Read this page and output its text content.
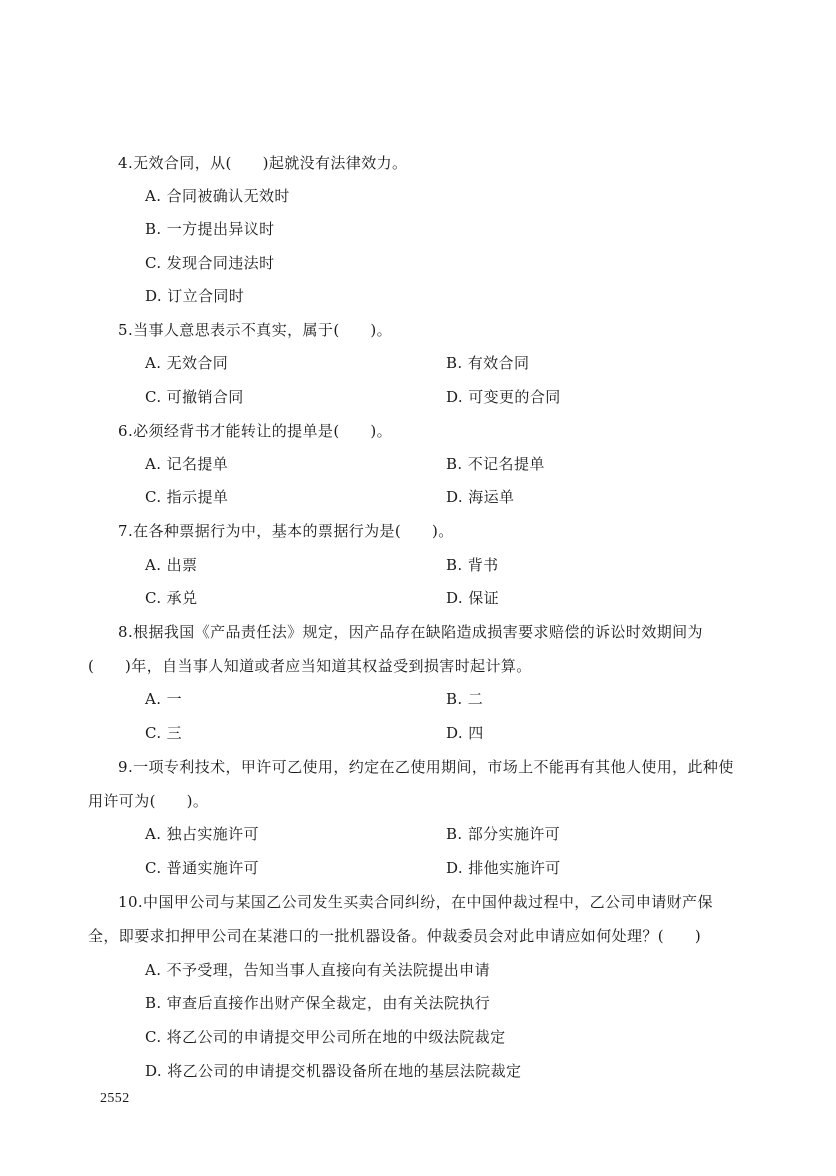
4.无效合同，从(　　)起就没有法律效力。
A. 合同被确认无效时
B. 一方提出异议时
C. 发现合同违法时
D. 订立合同时
5.当事人意思表示不真实，属于(　　)。
A. 无效合同	B. 有效合同
C. 可撤销合同	D. 可变更的合同
6.必须经背书才能转让的提单是(　　)。
A. 记名提单	B. 不记名提单
C. 指示提单	D. 海运单
7.在各种票据行为中，基本的票据行为是(　　)。
A. 出票	B. 背书
C. 承兑	D. 保证
8.根据我国《产品责任法》规定，因产品存在缺陷造成损害要求赔偿的诉讼时效期间为
(　　)年，自当事人知道或者应当知道其权益受到损害时起计算。
A. 一	B. 二
C. 三	D. 四
9.一项专利技术，甲许可乙使用，约定在乙使用期间，市场上不能再有其他人使用，此种使
用许可为(　　)。
A. 独占实施许可	B. 部分实施许可
C. 普通实施许可	D. 排他实施许可
10.中国甲公司与某国乙公司发生买卖合同纠纷，在中国仲裁过程中，乙公司申请财产保
全，即要求扣押甲公司在某港口的一批机器设备。仲裁委员会对此申请应如何处理？(　　)
A. 不予受理，告知当事人直接向有关法院提出申请
B. 审查后直接作出财产保全裁定，由有关法院执行
C. 将乙公司的申请提交甲公司所在地的中级法院裁定
D. 将乙公司的申请提交机器设备所在地的基层法院裁定
2552
